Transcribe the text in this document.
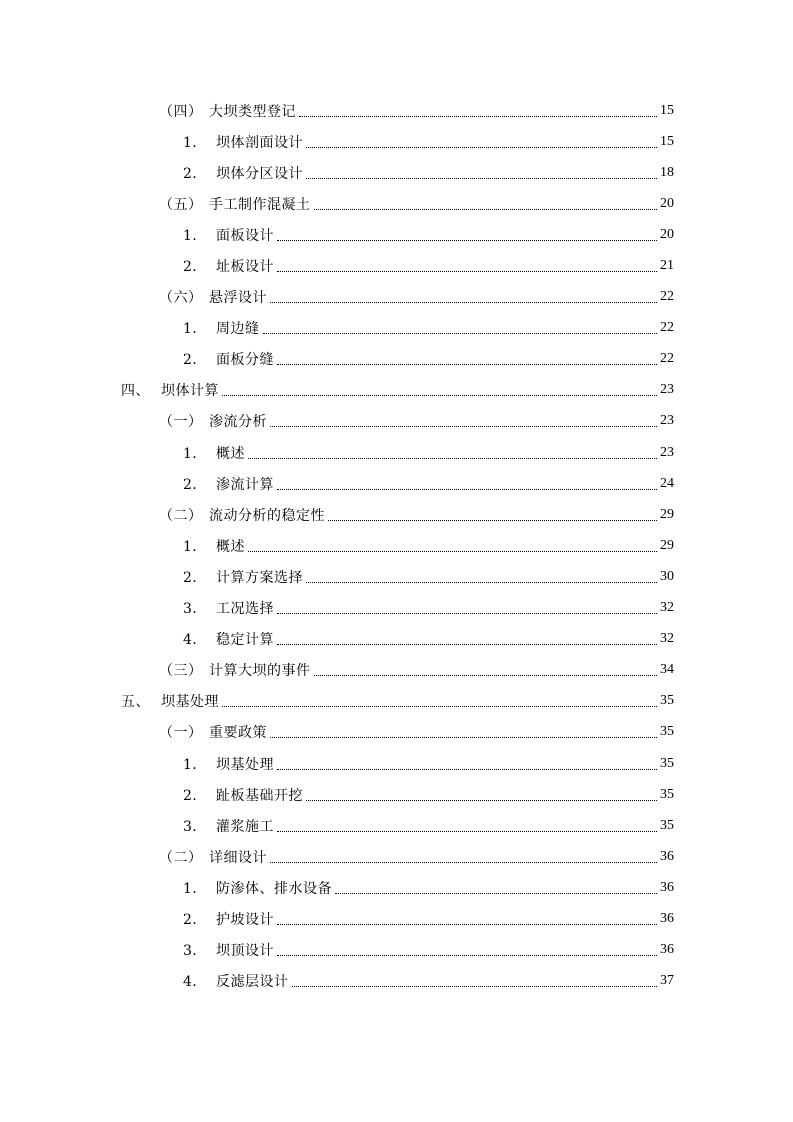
（四） 大坝类型登记	15
1． 坝体剖面设计	15
2． 坝体分区设计	18
（五） 手工制作混凝土	20
1． 面板设计	20
2． 址板设计	21
（六） 悬浮设计	22
1． 周边缝	22
2． 面板分缝	22
四、 坝体计算	23
（一） 渗流分析	23
1． 概述	23
2． 渗流计算	24
（二） 流动分析的稳定性	29
1． 概述	29
2． 计算方案选择	30
3． 工况选择	32
4． 稳定计算	32
（三） 计算大坝的事件	34
五、 坝基处理	35
（一） 重要政策	35
1． 坝基处理	35
2． 趾板基础开挖	35
3． 灌浆施工	35
（二） 详细设计	36
1． 防渗体、排水设备	36
2． 护坡设计	36
3． 坝顶设计	36
4． 反滤层设计	37
